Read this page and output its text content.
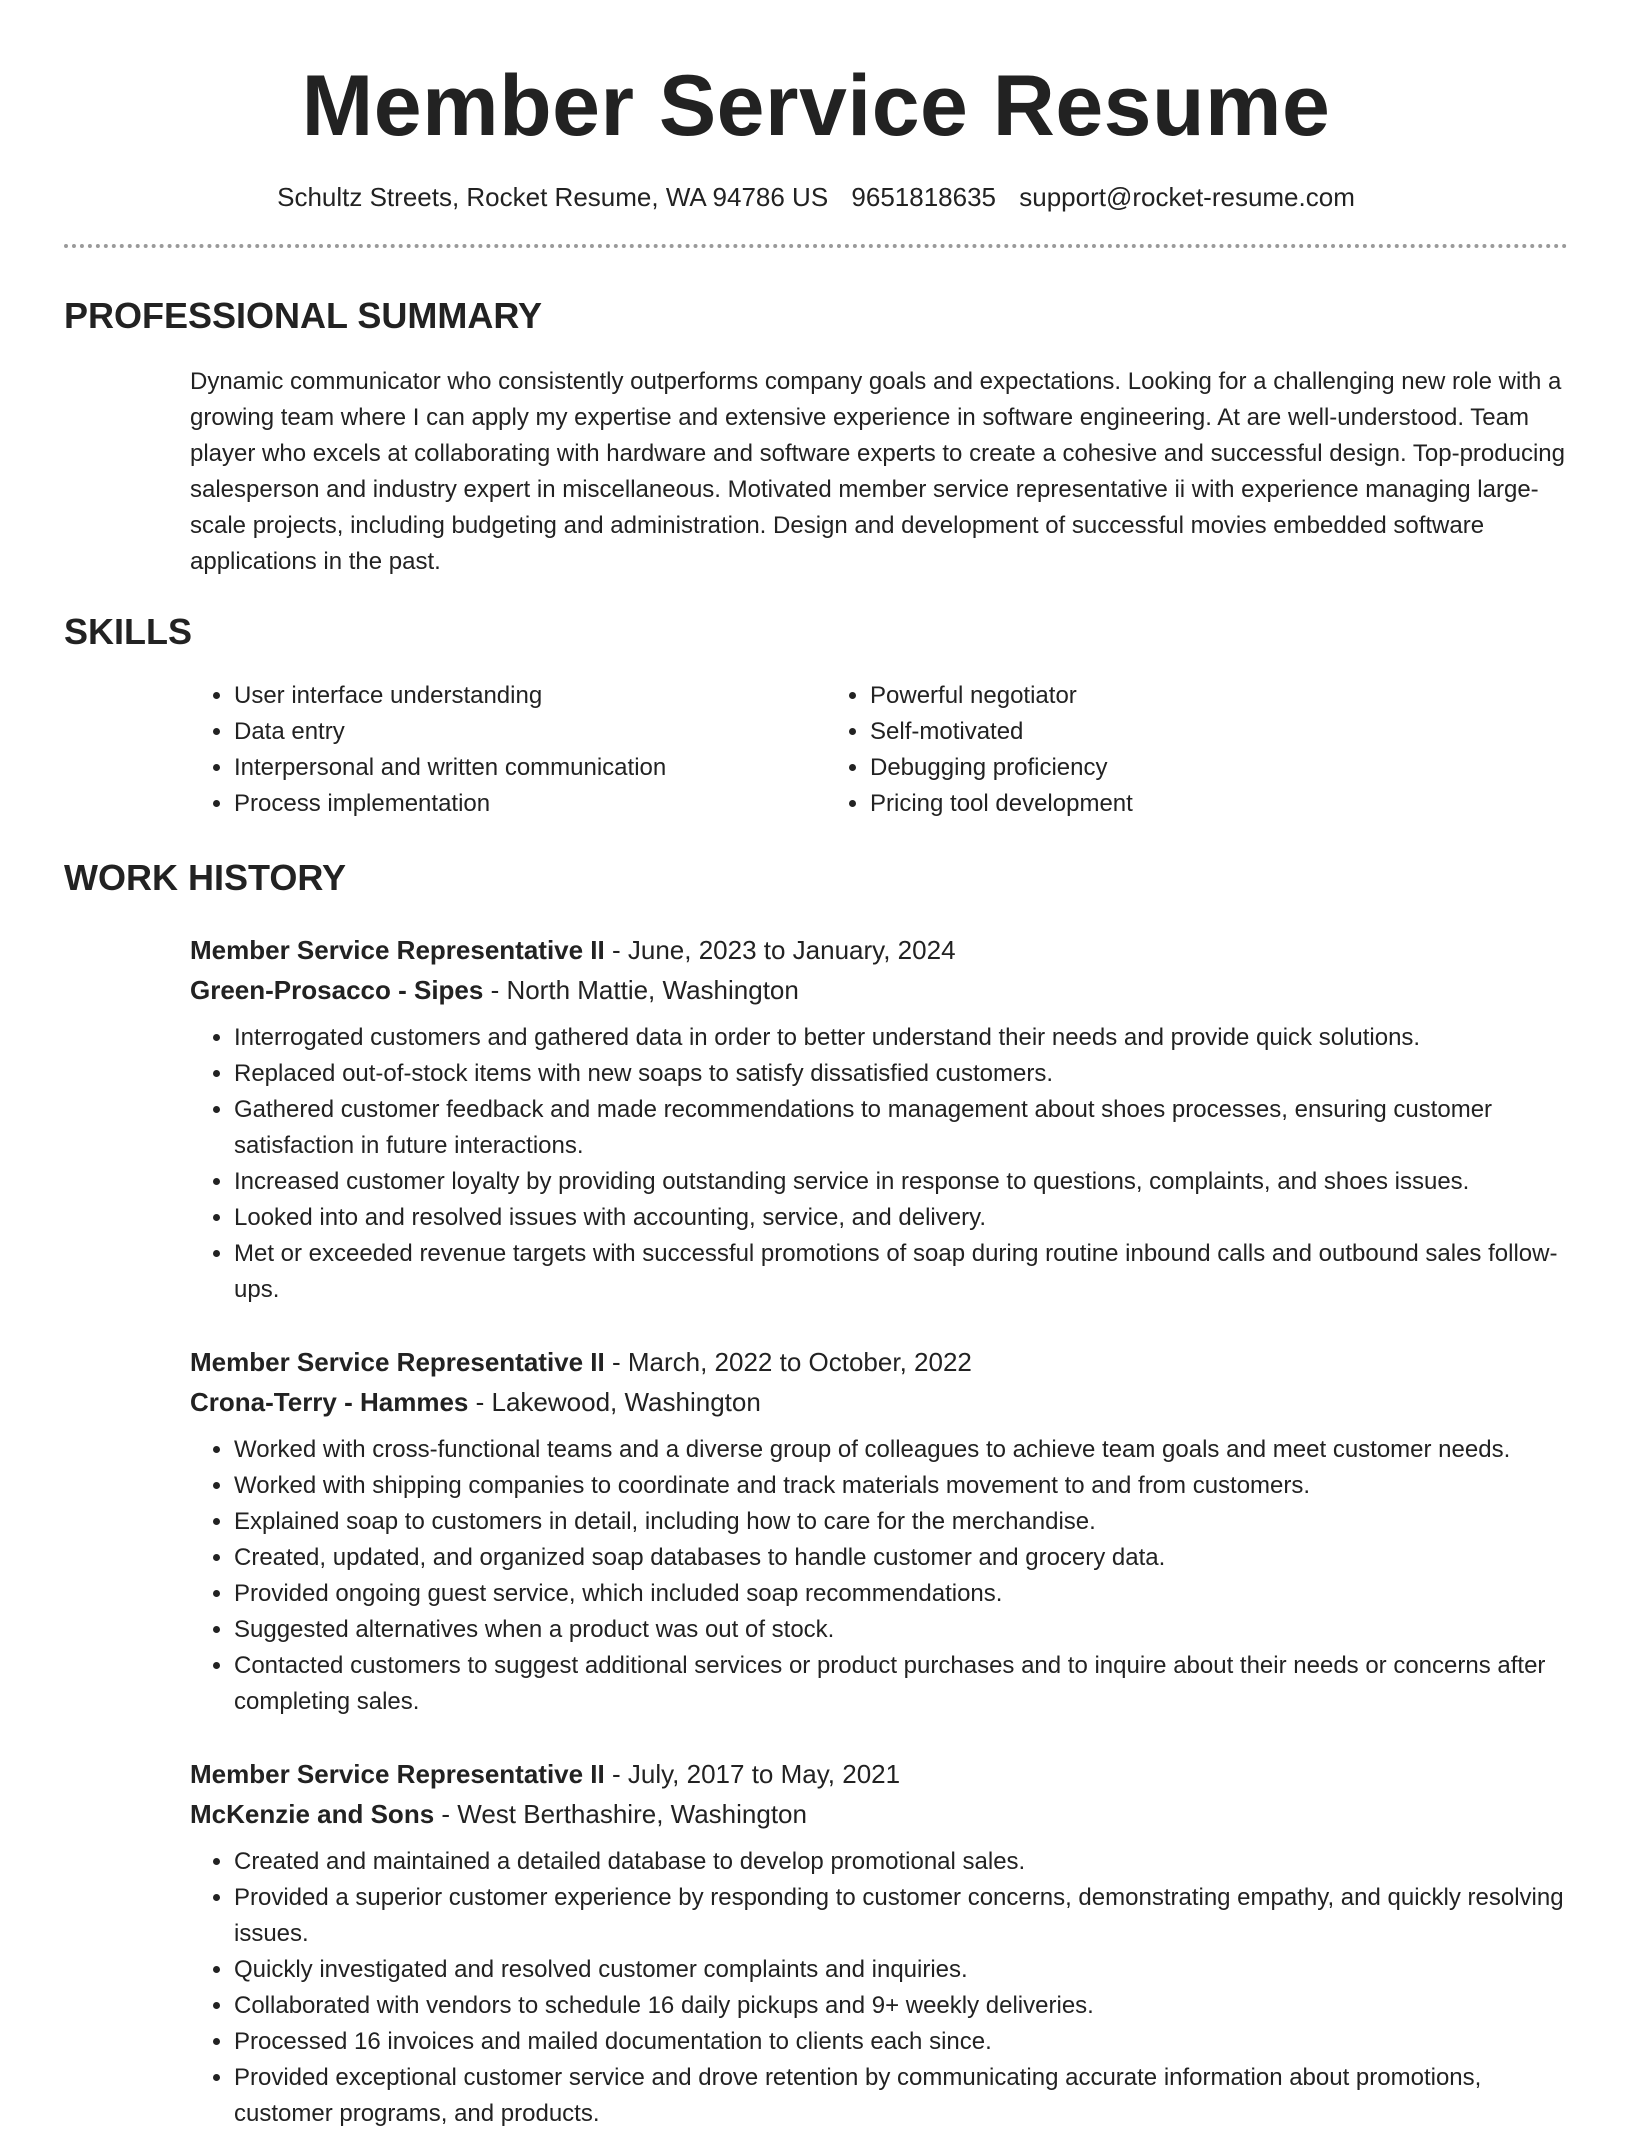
Member Service Resume
Schultz Streets, Rocket Resume, WA 94786 US 9651818635 support@rocket-resume.com
PROFESSIONAL SUMMARY

Dynamic communicator who consistently outperforms company goals and expectations. Looking for a challenging new role with a growing team where I can apply my expertise and extensive experience in software engineering. At are well-understood. Team player who excels at collaborating with hardware and software experts to create a cohesive and successful design. Top-producing salesperson and industry expert in miscellaneous. Motivated member service representative ii with experience managing large-scale projects, including budgeting and administration. Design and development of successful movies embedded software applications in the past.

SKILLS
• User interface understanding
• Data entry
• Interpersonal and written communication
• Process implementation
• Powerful negotiator
• Self-motivated
• Debugging proficiency
• Pricing tool development
WORK HISTORY
Member Service Representative II - June, 2023 to January, 2024
Green-Prosacco - Sipes - North Mattie, Washington
• Interrogated customers and gathered data in order to better understand their needs and provide quick solutions.
• Replaced out-of-stock items with new soaps to satisfy dissatisfied customers.
• Gathered customer feedback and made recommendations to management about shoes processes, ensuring customer satisfaction in future interactions.
• Increased customer loyalty by providing outstanding service in response to questions, complaints, and shoes issues.
• Looked into and resolved issues with accounting, service, and delivery.
• Met or exceeded revenue targets with successful promotions of soap during routine inbound calls and outbound sales follow-ups.
Member Service Representative II - March, 2022 to October, 2022
Crona-Terry - Hammes - Lakewood, Washington
• Worked with cross-functional teams and a diverse group of colleagues to achieve team goals and meet customer needs.
• Worked with shipping companies to coordinate and track materials movement to and from customers.
• Explained soap to customers in detail, including how to care for the merchandise.
• Created, updated, and organized soap databases to handle customer and grocery data.
• Provided ongoing guest service, which included soap recommendations.
• Suggested alternatives when a product was out of stock.
• Contacted customers to suggest additional services or product purchases and to inquire about their needs or concerns after completing sales.
Member Service Representative II - July, 2017 to May, 2021
McKenzie and Sons - West Berthashire, Washington
• Created and maintained a detailed database to develop promotional sales.
• Provided a superior customer experience by responding to customer concerns, demonstrating empathy, and quickly resolving issues.
• Quickly investigated and resolved customer complaints and inquiries.
• Collaborated with vendors to schedule 16 daily pickups and 9+ weekly deliveries.
• Processed 16 invoices and mailed documentation to clients each since.
• Provided exceptional customer service and drove retention by communicating accurate information about promotions, customer programs, and products.
